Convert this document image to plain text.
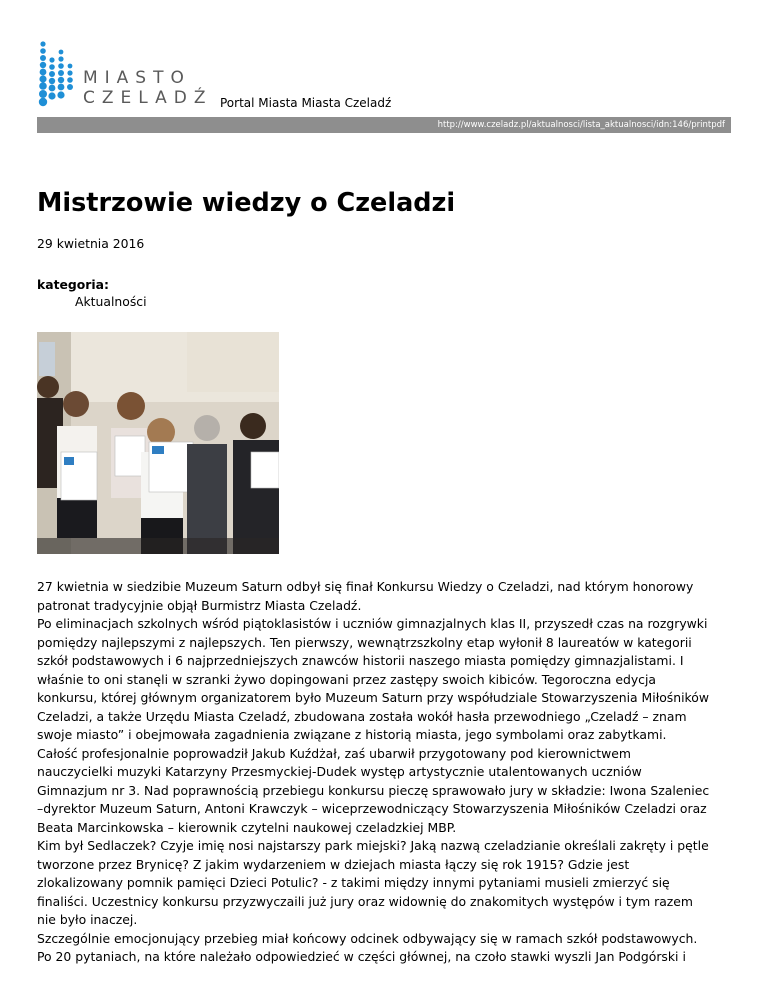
MIASTO
CZELADŹ Portal Miasta Miasta Czeladź
http://www.czeladz.pl/aktualnosci/lista_aktualnosci/idn:146/printpdf
Mistrzowie wiedzy o Czeladzi
29 kwietnia 2016
kategoria:
Aktualności
27 kwietnia w siedzibie Muzeum Saturn odbył się finał Konkursu Wiedzy o Czeladzi, nad którym honorowy
patronat tradycyjnie objął Burmistrz Miasta Czeladź.
Po eliminacjach szkolnych wśród piątoklasistów i uczniów gimnazjalnych klas II, przyszedł czas na rozgrywki
pomiędzy najlepszymi z najlepszych. Ten pierwszy, wewnątrzszkolny etap wyłonił 8 laureatów w kategorii
szkół podstawowych i 6 najprzedniejszych znawców historii naszego miasta pomiędzy gimnazjalistami. I
właśnie to oni stanęli w szranki żywo dopingowani przez zastępy swoich kibiców. Tegoroczna edycja
konkursu, której głównym organizatorem było Muzeum Saturn przy współudziale Stowarzyszenia Miłośników
Czeladzi, a także Urzędu Miasta Czeladź, zbudowana została wokół hasła przewodniego „Czeladź – znam
swoje miasto” i obejmowała zagadnienia związane z historią miasta, jego symbolami oraz zabytkami.
Całość profesjonalnie poprowadził Jakub Kuźdżał, zaś ubarwił przygotowany pod kierownictwem
nauczycielki muzyki Katarzyny Przesmyckiej-Dudek występ artystycznie utalentowanych uczniów
Gimnazjum nr 3. Nad poprawnością przebiegu konkursu pieczę sprawowało jury w składzie: Iwona Szaleniec
–dyrektor Muzeum Saturn, Antoni Krawczyk – wiceprzewodniczący Stowarzyszenia Miłośników Czeladzi oraz
Beata Marcinkowska – kierownik czytelni naukowej czeladzkiej MBP.
Kim był Sedlaczek? Czyje imię nosi najstarszy park miejski? Jaką nazwą czeladzianie określali zakręty i pętle
tworzone przez Brynicę? Z jakim wydarzeniem w dziejach miasta łączy się rok 1915? Gdzie jest
zlokalizowany pomnik pamięci Dzieci Potulic? - z takimi między innymi pytaniami musieli zmierzyć się
finaliści. Uczestnicy konkursu przyzwyczaili już jury oraz widownię do znakomitych występów i tym razem
nie było inaczej.
Szczególnie emocjonujący przebieg miał końcowy odcinek odbywający się w ramach szkół podstawowych.
Po 20 pytaniach, na które należało odpowiedzieć w części głównej, na czoło stawki wyszli Jan Podgórski i
